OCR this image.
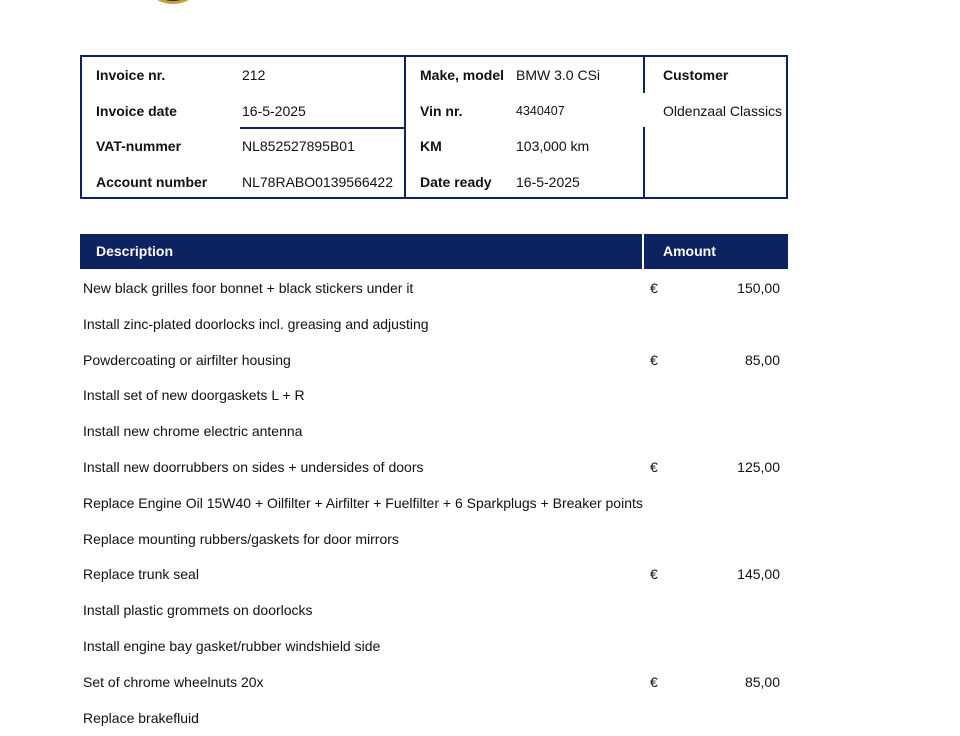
Invoice nr.	212
Invoice date	16-5-2025
VAT-nummer	NL852527895B01
Account number NL78RABO0139566422
Make, model BMW 3.0 CSi
Vin nr.	4340407
KM	103,000 km
Date ready 16-5-2025
Customer
Oldenzaal Classics
Description	Amount
New black grilles foor bonnet + black stickers under it	€	150,00
Install zinc-plated doorlocks incl. greasing and adjusting
Powdercoating or airfilter housing	€	85,00
Install set of new doorgaskets L + R
Install new chrome electric antenna
Install new doorrubbers on sides + undersides of doors	€	125,00
Replace Engine Oil 15W40 + Oilfilter + Airfilter + Fuelfilter + 6 Sparkplugs + Breaker points
Replace mounting rubbers/gaskets for door mirrors
Replace trunk seal	€	145,00
Install plastic grommets on doorlocks
Install engine bay gasket/rubber windshield side
Set of chrome wheelnuts 20x	€	85,00
Replace brakefluid
